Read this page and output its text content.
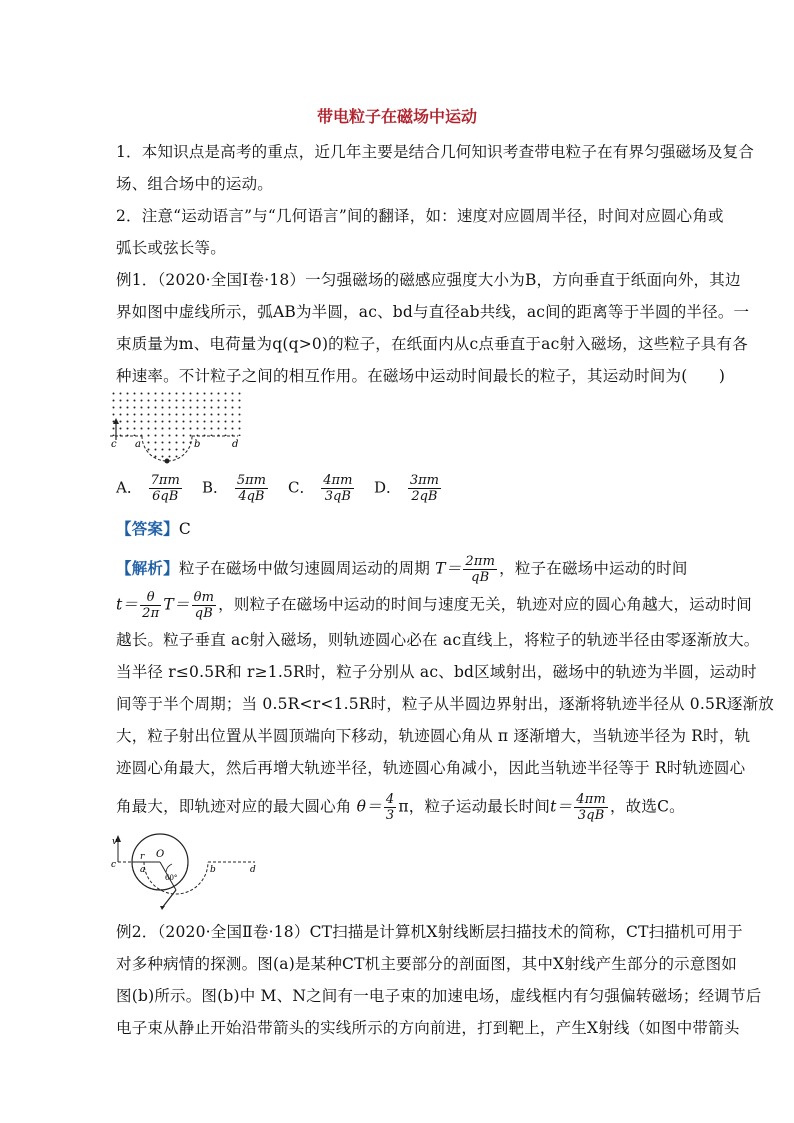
带电粒子在磁场中运动
1．本知识点是高考的重点，近几年主要是结合几何知识考查带电粒子在有界匀强磁场及复合
场、组合场中的运动。
2．注意“运动语言”与“几何语言”间的翻译，如：速度对应圆周半径，时间对应圆心角或
弧长或弦长等。
例1．（2020·全国Ⅰ卷·18）一匀强磁场的磁感应强度大小为B，方向垂直于纸面向外，其边
界如图中虚线所示，弧AB为半圆，ac、bd与直径ab共线，ac间的距离等于半圆的半径。一
束质量为m、电荷量为q(q>0)的粒子，在纸面内从c点垂直于ac射入磁场，这些粒子具有各
种速率。不计粒子之间的相互作用。在磁场中运动时间最长的粒子，其运动时间为(　　)
c a	b	d
A． $\frac{7\pi m}{6qB}$ B． $\frac{5\pi m}{4qB}$ C． $\frac{4\pi m}{3qB}$ D． $\frac{3\pi m}{2qB}$
【答案】C
【解析】粒子在磁场中做匀速圆周运动的周期 $T= \frac{2\pi m}{qB}$ ，粒子在磁场中运动的时间
$t= \frac{\theta}{2\pi} T= \frac{\theta m}{qB}$ ，则粒子在磁场中运动的时间与速度无关，轨迹对应的圆心角越大，运动时间
越长。粒子垂直 ac射入磁场，则轨迹圆心必在 ac直线上，将粒子的轨迹半径由零逐渐放大。
当半径 r≤0.5R和 r≥1.5R时，粒子分别从 ac、bd区域射出，磁场中的轨迹为半圆，运动时
间等于半个周期；当 0.5R<r<1.5R时，粒子从半圆边界射出，逐渐将轨迹半径从 0.5R逐渐放
大，粒子射出位置从半圆顶端向下移动，轨迹圆心角从 π 逐渐增大，当轨迹半径为 R时，轨
迹圆心角最大，然后再增大轨迹半径，轨迹圆心角减小，因此当轨迹半径等于 R时轨迹圆心
角最大，即轨迹对应的最大圆心角 $\theta= \frac{4}{3}$ π，粒子运动最长时间$t= \frac{4\pi m}{3qB}$ ，故选C。
v
c
r O
a	b	d
60°
例2．（2020·全国Ⅱ卷·18）CT扫描是计算机X射线断层扫描技术的简称，CT扫描机可用于
对多种病情的探测。图(a)是某种CT机主要部分的剖面图，其中X射线产生部分的示意图如
图(b)所示。图(b)中 M、N之间有一电子束的加速电场，虚线框内有匀强偏转磁场；经调节后
电子束从静止开始沿带箭头的实线所示的方向前进，打到靶上，产生X射线（如图中带箭头
